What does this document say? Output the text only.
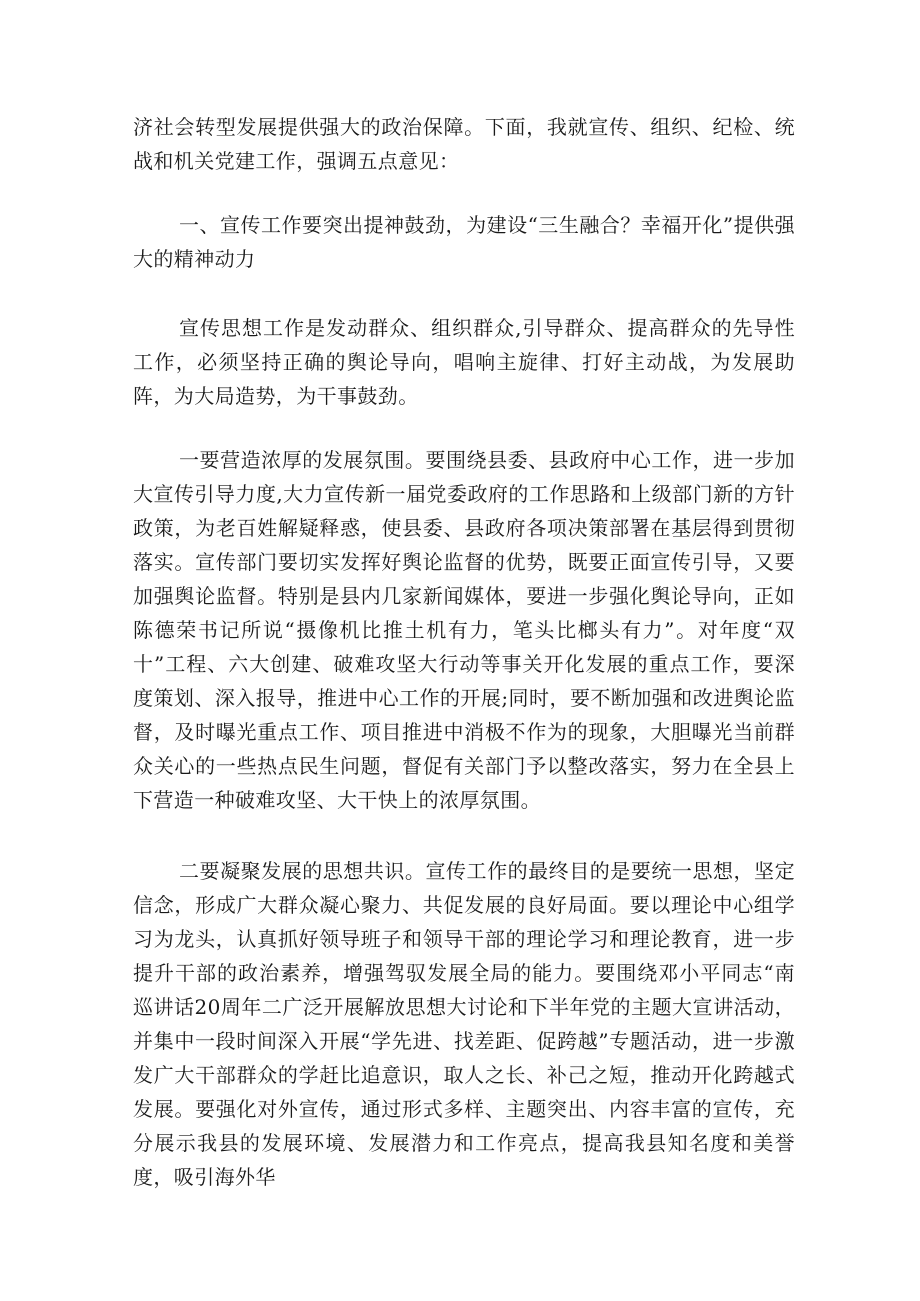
济社会转型发展提供强大的政治保障。下面，我就宣传、组织、纪检、统战和机关党建工作，强调五点意见：

一、宣传工作要突出提神鼓劲，为建设“三生融合？幸福开化”提供强大的精神动力

宣传思想工作是发动群众、组织群众,引导群众、提高群众的先导性工作，必须坚持正确的舆论导向，唱响主旋律、打好主动战，为发展助阵，为大局造势，为干事鼓劲。

一要营造浓厚的发展氛围。要围绕县委、县政府中心工作，进一步加大宣传引导力度,大力宣传新一届党委政府的工作思路和上级部门新的方针政策，为老百姓解疑释惑，使县委、县政府各项决策部署在基层得到贯彻落实。宣传部门要切实发挥好舆论监督的优势，既要正面宣传引导，又要加强舆论监督。特别是县内几家新闻媒体，要进一步强化舆论导向，正如陈德荣书记所说“摄像机比推土机有力，笔头比榔头有力”。对年度“双十”工程、六大创建、破难攻坚大行动等事关开化发展的重点工作，要深度策划、深入报导，推进中心工作的开展;同时，要不断加强和改进舆论监督，及时曝光重点工作、项目推进中消极不作为的现象，大胆曝光当前群众关心的一些热点民生问题，督促有关部门予以整改落实，努力在全县上下营造一种破难攻坚、大干快上的浓厚氛围。

二要凝聚发展的思想共识。宣传工作的最终目的是要统一思想，坚定信念，形成广大群众凝心聚力、共促发展的良好局面。要以理论中心组学习为龙头，认真抓好领导班子和领导干部的理论学习和理论教育，进一步提升干部的政治素养，增强驾驭发展全局的能力。要围绕邓小平同志“南巡讲话20周年二广泛开展解放思想大讨论和下半年党的主题大宣讲活动，并集中一段时间深入开展“学先进、找差距、促跨越”专题活动，进一步激发广大干部群众的学赶比追意识，取人之长、补己之短，推动开化跨越式发展。要强化对外宣传，通过形式多样、主题突出、内容丰富的宣传，充分展示我县的发展环境、发展潜力和工作亮点，提高我县知名度和美誉度，吸引海外华
